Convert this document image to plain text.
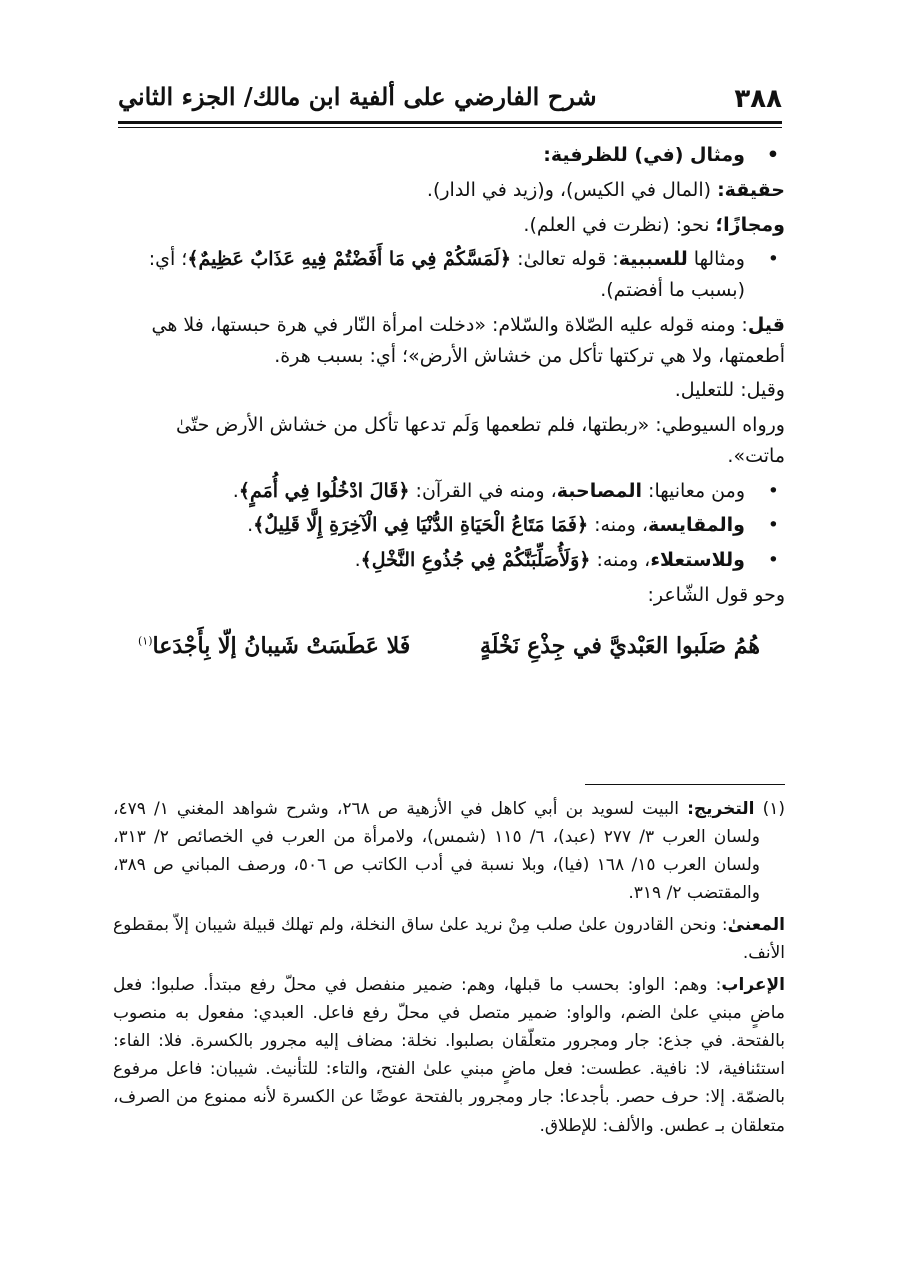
٣٨٨
شرح الفارضي على ألفية ابن مالك/ الجزء الثاني

•
ومثال (في) للظرفية:

حقيقة: (المال في الكيس)، و(زيد في الدار).

ومجازًا؛ نحو: (نظرت في العلم).

•
ومثالها للسببية: قوله تعالىٰ: ﴿لَمَسَّكُمْ فِي مَا أَفَضْتُمْ فِيهِ عَذَابٌ عَظِيمٌ﴾؛ أي: (بسبب ما أفضتم).

قيل: ومنه قوله عليه الصّلاة والسّلام: «دخلت امرأة النّار في هرة حبستها، فلا هي أطعمتها، ولا هي تركتها تأكل من خشاش الأرض»؛ أي: بسبب هرة.

وقيل: للتعليل.

ورواه السيوطي: «ربطتها، فلم تطعمها وَلَم تدعها تأكل من خشاش الأرض حتّىٰ ماتت».

•
ومن معانيها: المصاحبة، ومنه في القرآن: ﴿قَالَ ادْخُلُوا فِي أُمَمٍ﴾.

•
والمقايسة، ومنه: ﴿فَمَا مَتَاعُ الْحَيَاةِ الدُّنْيَا فِي الْآخِرَةِ إِلَّا قَلِيلٌ﴾.

•
وللاستعلاء، ومنه: ﴿وَلَأُصَلِّبَنَّكُمْ فِي جُذُوعِ النَّخْلِ﴾.

وحو قول الشّاعر:

هُمُ صَلَبوا العَبْديَّ في جِذْعِ نَخْلَةٍ
فَلا عَطَسَتْ شَيبانُ إلّا بِأَجْدَعا$^{(١)}$

(١) التخريج: البيت لسويد بن أبي كاهل في الأزهية ص ٢٦٨، وشرح شواهد المغني ١/ ٤٧٩، ولسان العرب ٣/ ٢٧٧ (عبد)، ٦/ ١١٥ (شمس)، ولامرأة من العرب في الخصائص ٢/ ٣١٣، ولسان العرب ١٥/ ١٦٨ (فيا)، وبلا نسبة في أدب الكاتب ص ٥٠٦، ورصف المباني ص ٣٨٩، والمقتضب ٢/ ٣١٩.

المعنىٰ: ونحن القادرون علىٰ صلب مِنْ نريد علىٰ ساق النخلة، ولم تهلك قبيلة شيبان إلاّ بمقطوع الأنف.

الإعراب: وهم: الواو: بحسب ما قبلها، وهم: ضمير منفصل في محلّ رفع مبتدأ. صلبوا: فعل ماضٍ مبني علىٰ الضم، والواو: ضمير متصل في محلّ رفع فاعل. العبدي: مفعول به منصوب بالفتحة. في جذع: جار ومجرور متعلّقان بصلبوا. نخلة: مضاف إليه مجرور بالكسرة. فلا: الفاء: استئنافية، لا: نافية. عطست: فعل ماضٍ مبني علىٰ الفتح، والتاء: للتأنيث. شيبان: فاعل مرفوع بالضمّة. إلا: حرف حصر. بأجدعا: جار ومجرور بالفتحة عوضًا عن الكسرة لأنه ممنوع من الصرف، متعلقان بـ عطس. والألف: للإطلاق.
